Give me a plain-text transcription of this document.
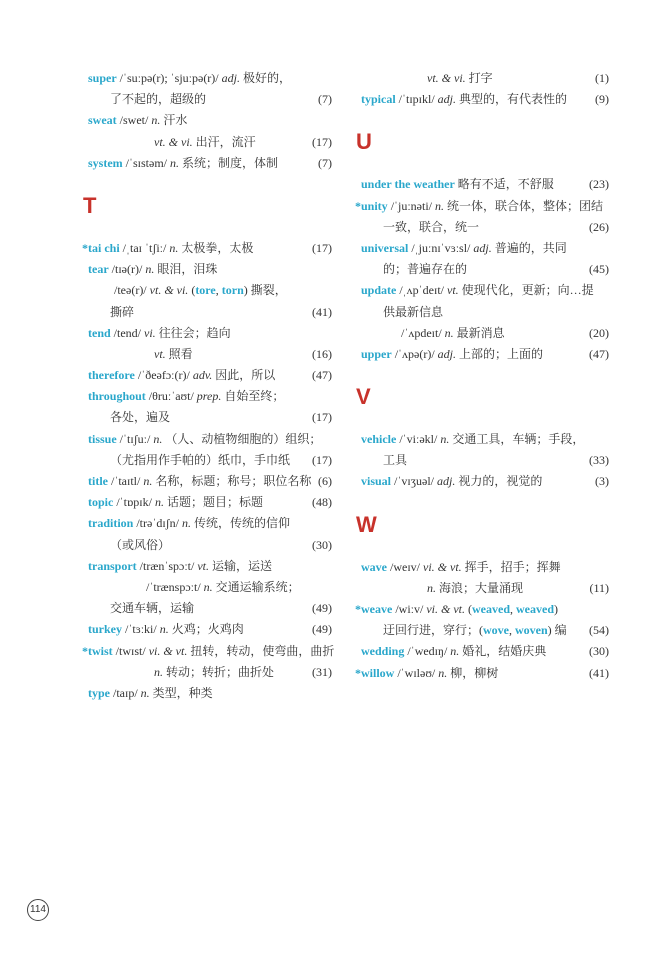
super /ˈsuːpə(r); ˈsjuːpə(r)/ adj. 极好的，
了不起的，超级的	(7)
sweat /swet/ n. 汗水
vt. & vi. 出汗，流汗	(17)
system /ˈsɪstəm/ n. 系统；制度，体制	(7)
T
*tai chi /ˌtaɪ ˈtʃiː/ n. 太极拳，太极	(17)
tear /tɪə(r)/ n. 眼泪，泪珠
/teə(r)/ vt. & vi. (tore, torn) 撕裂，
撕碎	(41)
tend /tend/ vi. 往往会；趋向
vt. 照看	(16)
therefore /ˈðeəfɔː(r)/ adv. 因此，所以	(47)
throughout /θruːˈaʊt/ prep. 自始至终；
各处，遍及	(17)
tissue /ˈtɪʃuː/ n. （人、动植物细胞的）组织；
（尤指用作手帕的）纸巾，手巾纸	(17)
title /ˈtaɪtl/ n. 名称，标题；称号；职位名称 (6)
topic /ˈtɒpɪk/ n. 话题；题目；标题	(48)
tradition /trəˈdɪʃn/ n. 传统，传统的信仰
（或风俗）	(30)
transport /trænˈspɔːt/ vt. 运输，运送
/ˈtrænspɔːt/ n. 交通运输系统；
交通车辆，运输	(49)
turkey /ˈtɜːki/ n. 火鸡；火鸡肉	(49)
*twist /twɪst/ vi. & vt. 扭转，转动，使弯曲，曲折
n. 转动；转折；曲折处	(31)
type /taɪp/ n. 类型，种类
vt. & vi. 打字	(1)
typical /ˈtɪpɪkl/ adj. 典型的，有代表性的	(9)
U
under the weather 略有不适，不舒服	(23)
*unity /ˈjuːnəti/ n. 统一体，联合体，整体；团结
一致，联合，统一	(26)
universal /ˌjuːnɪˈvɜːsl/ adj. 普遍的，共同
的；普遍存在的	(45)
update /ˌʌpˈdeɪt/ vt. 使现代化，更新；向…提
供最新信息
/ˈʌpdeɪt/ n. 最新消息	(20)
upper /ˈʌpə(r)/ adj. 上部的；上面的	(47)
V
vehicle /ˈviːəkl/ n. 交通工具，车辆；手段，
工具	(33)
visual /ˈvɪʒuəl/ adj. 视力的，视觉的	(3)
W
wave /weɪv/ vi. & vt. 挥手，招手；挥舞
n. 海浪；大量涌现	(11)
*weave /wiːv/ vi. & vt. (weaved, weaved)
迂回行进，穿行；(wove, woven) 编	(54)
wedding /ˈwedɪŋ/ n. 婚礼，结婚庆典	(30)
*willow /ˈwɪləʊ/ n. 柳，柳树	(41)
114
